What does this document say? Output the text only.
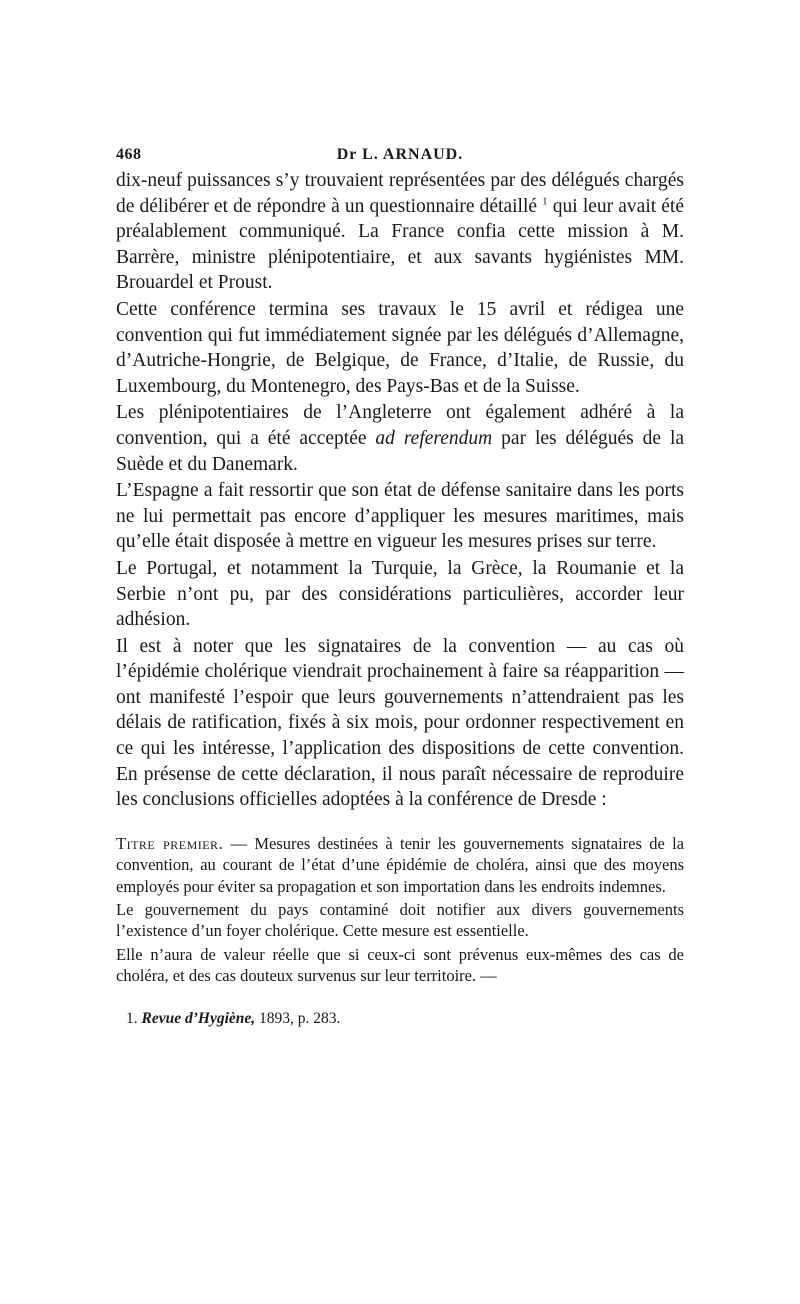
468	Dr L. ARNAUD.

dix-neuf puissances s’y trouvaient représentées par des délégués chargés de délibérer et de répondre à un questionnaire détaillé $^1$ qui leur avait été préalablement communiqué. La France confia cette mission à M. Barrère, ministre plénipotentiaire, et aux savants hygiénistes MM. Brouardel et Proust.

Cette conférence termina ses travaux le 15 avril et rédigea une convention qui fut immédiatement signée par les délégués d’Allemagne, d’Autriche-Hongrie, de Belgique, de France, d’Italie, de Russie, du Luxembourg, du Montenegro, des Pays-Bas et de la Suisse.

Les plénipotentiaires de l’Angleterre ont également adhéré à la convention, qui a été acceptée ad referendum par les délégués de la Suède et du Danemark.

L’Espagne a fait ressortir que son état de défense sanitaire dans les ports ne lui permettait pas encore d’appliquer les mesures maritimes, mais qu’elle était disposée à mettre en vigueur les mesures prises sur terre.

Le Portugal, et notamment la Turquie, la Grèce, la Roumanie et la Serbie n’ont pu, par des considérations particulières, accorder leur adhésion.

Il est à noter que les signataires de la convention — au cas où l’épidémie cholérique viendrait prochainement à faire sa réapparition — ont manifesté l’espoir que leurs gouvernements n’attendraient pas les délais de ratification, fixés à six mois, pour ordonner respectivement en ce qui les intéresse, l’application des dispositions de cette convention. En présense de cette déclaration, il nous paraît nécessaire de reproduire les conclusions officielles adoptées à la conférence de Dresde :

Titre premier. — Mesures destinées à tenir les gouvernements signataires de la convention, au courant de l’état d’une épidémie de choléra, ainsi que des moyens employés pour éviter sa propagation et son importation dans les endroits indemnes.

Le gouvernement du pays contaminé doit notifier aux divers gouvernements l’existence d’un foyer cholérique. Cette mesure est essentielle.

Elle n’aura de valeur réelle que si ceux-ci sont prévenus eux-mêmes des cas de choléra, et des cas douteux survenus sur leur territoire. —

1. Revue d’Hygiène, 1893, p. 283.
